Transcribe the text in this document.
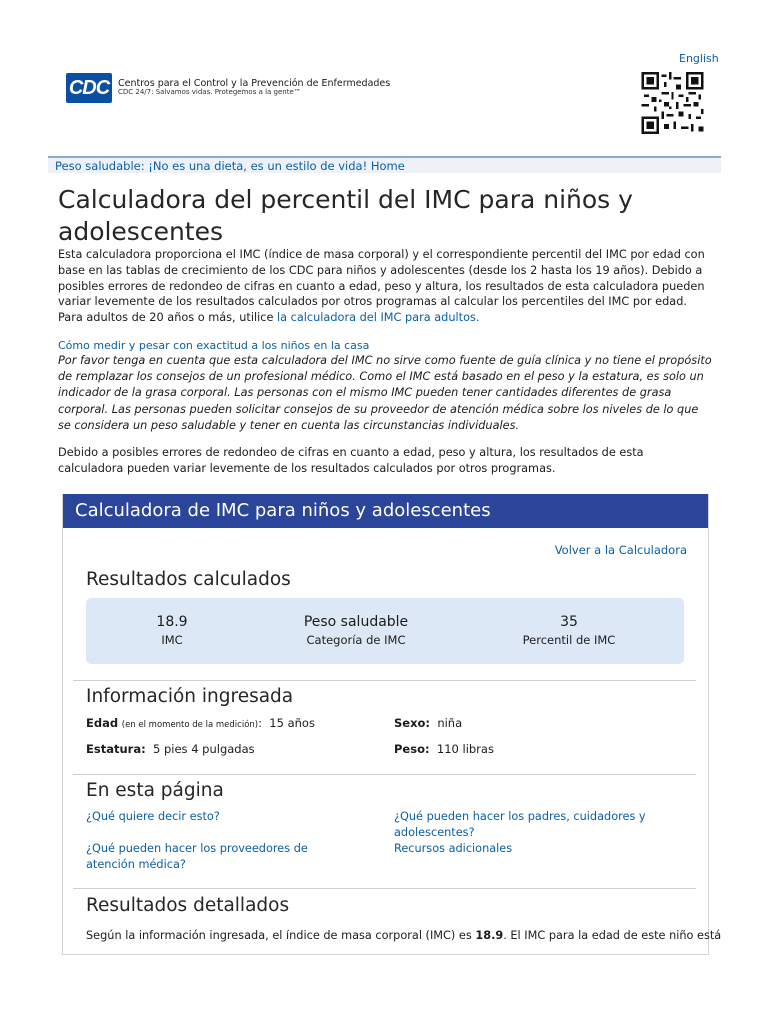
English
CDC Centros para el Control y la Prevención de Enfermedades
CDC 24/7: Salvamos vidas. Protegemos a la gente™
Peso saludable: ¡No es una dieta, es un estilo de vida! Home
Calculadora del percentil del IMC para niños y adolescentes
Esta calculadora proporciona el IMC (índice de masa corporal) y el correspondiente percentil del IMC por edad con base en las tablas de crecimiento de los CDC para niños y adolescentes (desde los 2 hasta los 19 años). Debido a posibles errores de redondeo de cifras en cuanto a edad, peso y altura, los resultados de esta calculadora pueden variar levemente de los resultados calculados por otros programas al calcular los percentiles del IMC por edad. Para adultos de 20 años o más, utilice la calculadora del IMC para adultos.
Cómo medir y pesar con exactitud a los niños en la casa
Por favor tenga en cuenta que esta calculadora del IMC no sirve como fuente de guía clínica y no tiene el propósito de remplazar los consejos de un profesional médico. Como el IMC está basado en el peso y la estatura, es solo un indicador de la grasa corporal. Las personas con el mismo IMC pueden tener cantidades diferentes de grasa corporal. Las personas pueden solicitar consejos de su proveedor de atención médica sobre los niveles de lo que se considera un peso saludable y tener en cuenta las circunstancias individuales.
Debido a posibles errores de redondeo de cifras en cuanto a edad, peso y altura, los resultados de esta calculadora pueden variar levemente de los resultados calculados por otros programas.
Calculadora de IMC para niños y adolescentes
Volver a la Calculadora
Resultados calculados
18.9
IMC
Peso saludable
Categoría de IMC
35
Percentil de IMC
Información ingresada
Edad (en el momento de la medición):  15 años	Sexo: niña
Estatura: 5 pies 4 pulgadas	Peso: 110 libras
En esta página
¿Qué quiere decir esto?	¿Qué pueden hacer los padres, cuidadores y adolescentes?
¿Qué pueden hacer los proveedores de atención médica?
Recursos adicionales
Resultados detallados
Según la información ingresada, el índice de masa corporal (IMC) es 18.9. El IMC para la edad de este niño está
